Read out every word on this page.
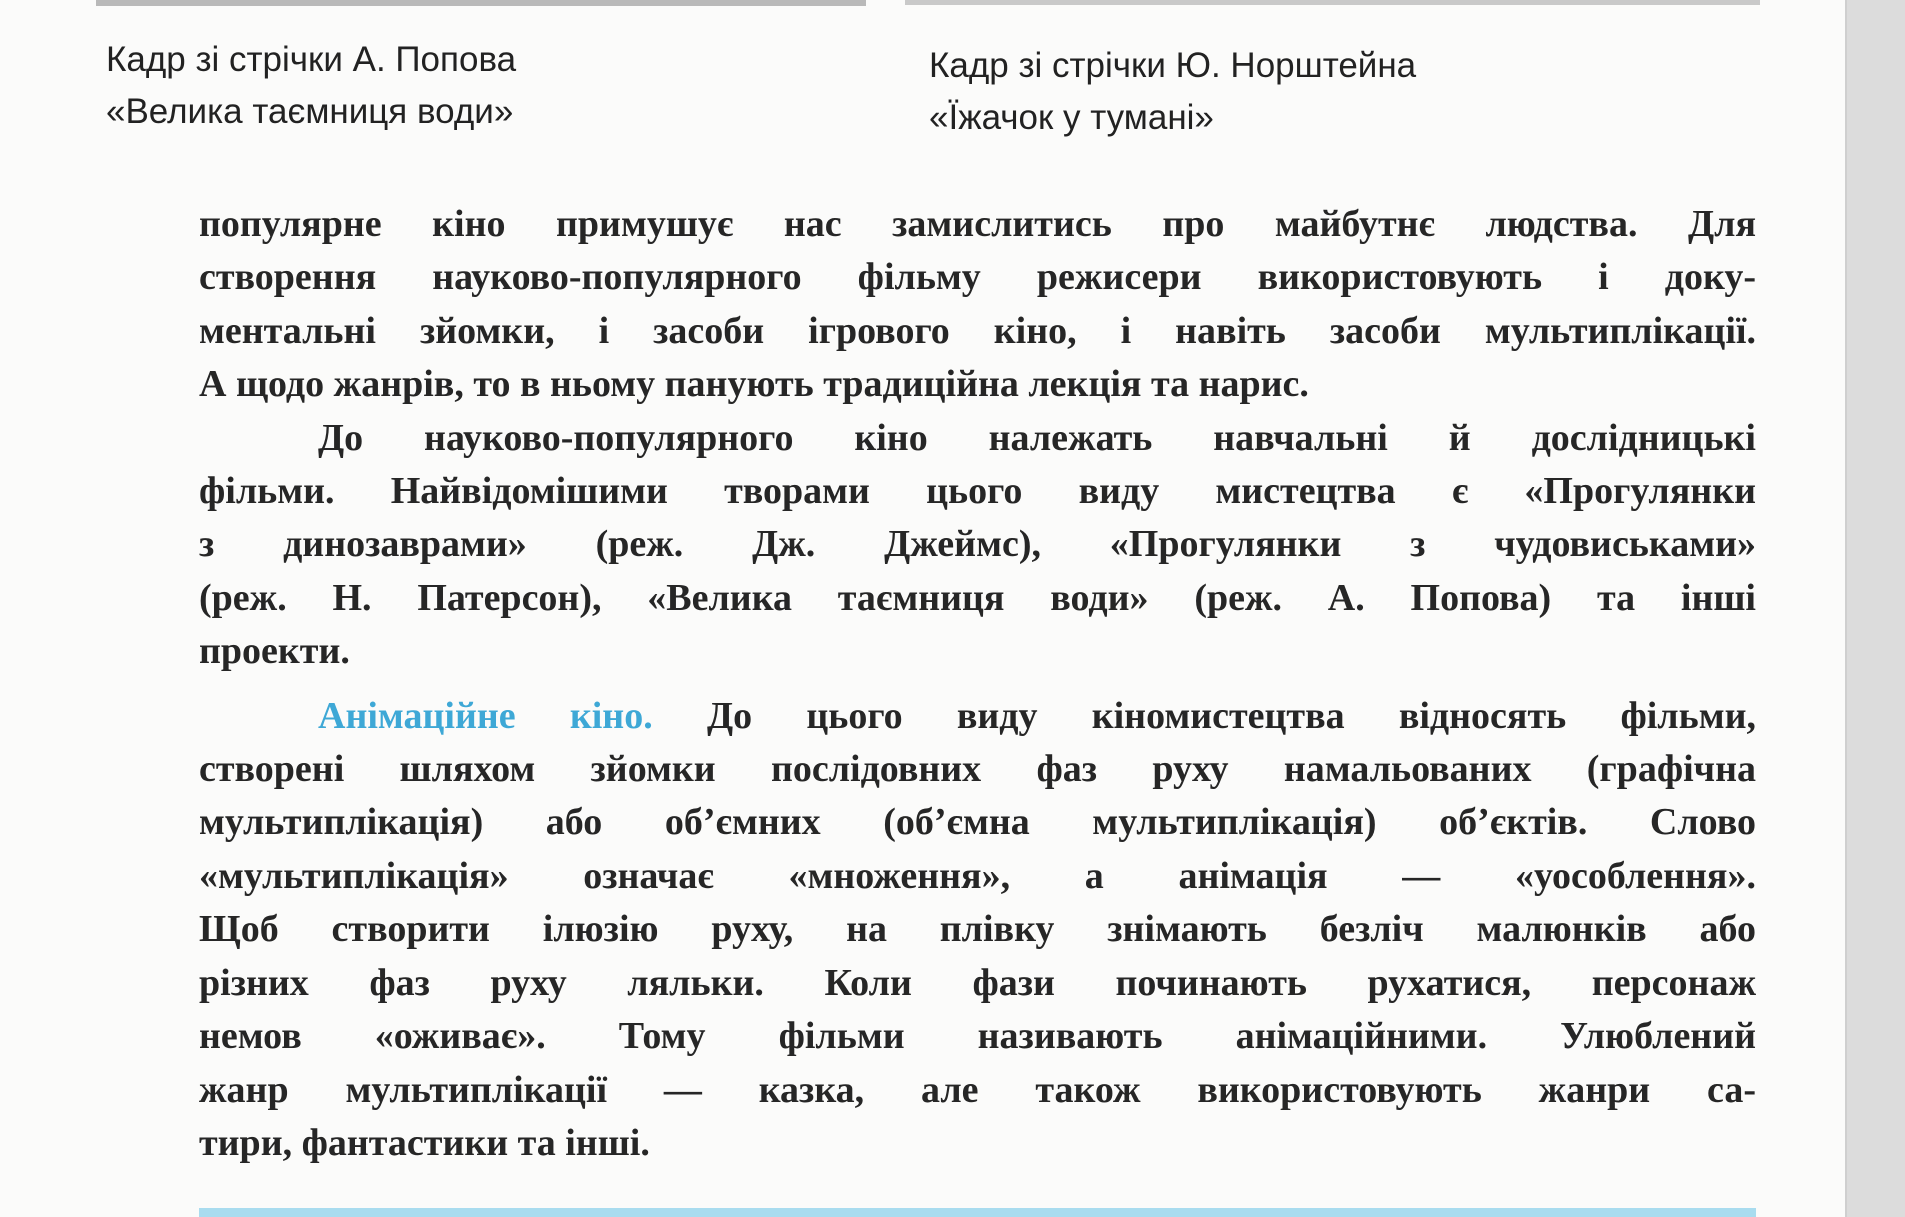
Кадр зі стрічки А. Попова
«Велика таємниця води»
Кадр зі стрічки Ю. Норштейна
«Їжачок у тумані»
популярне кіно примушує нас замислитись про майбутнє людства. Для
створення науково-популярного фільму режисери використовують і доку-
ментальні зйомки, і засоби ігрового кіно, і навіть засоби мультиплікації.
А щодо жанрів, то в ньому панують традиційна лекція та нарис.
До науково-популярного кіно належать навчальні й дослідницькі
фільми. Найвідомішими творами цього виду мистецтва є «Прогулянки
з динозаврами» (реж. Дж. Джеймс), «Прогулянки з чудовиськами»
(реж. Н. Патерсон), «Велика таємниця води» (реж. А. Попова) та інші
проекти.
Анімаційне кіно. До цього виду кіномистецтва відносять фільми,
створені шляхом зйомки послідовних фаз руху намальованих (графічна
мультиплікація) або об’ємних (об’ємна мультиплікація) об’єктів. Слово
«мультиплікація» означає «множення», а анімація — «уособлення».
Щоб створити ілюзію руху, на плівку знімають безліч малюнків або
різних фаз руху ляльки. Коли фази починають рухатися, персонаж
немов «оживає». Тому фільми називають анімаційними. Улюблений
жанр мультиплікації — казка, але також використовують жанри са-
тири, фантастики та інші.
